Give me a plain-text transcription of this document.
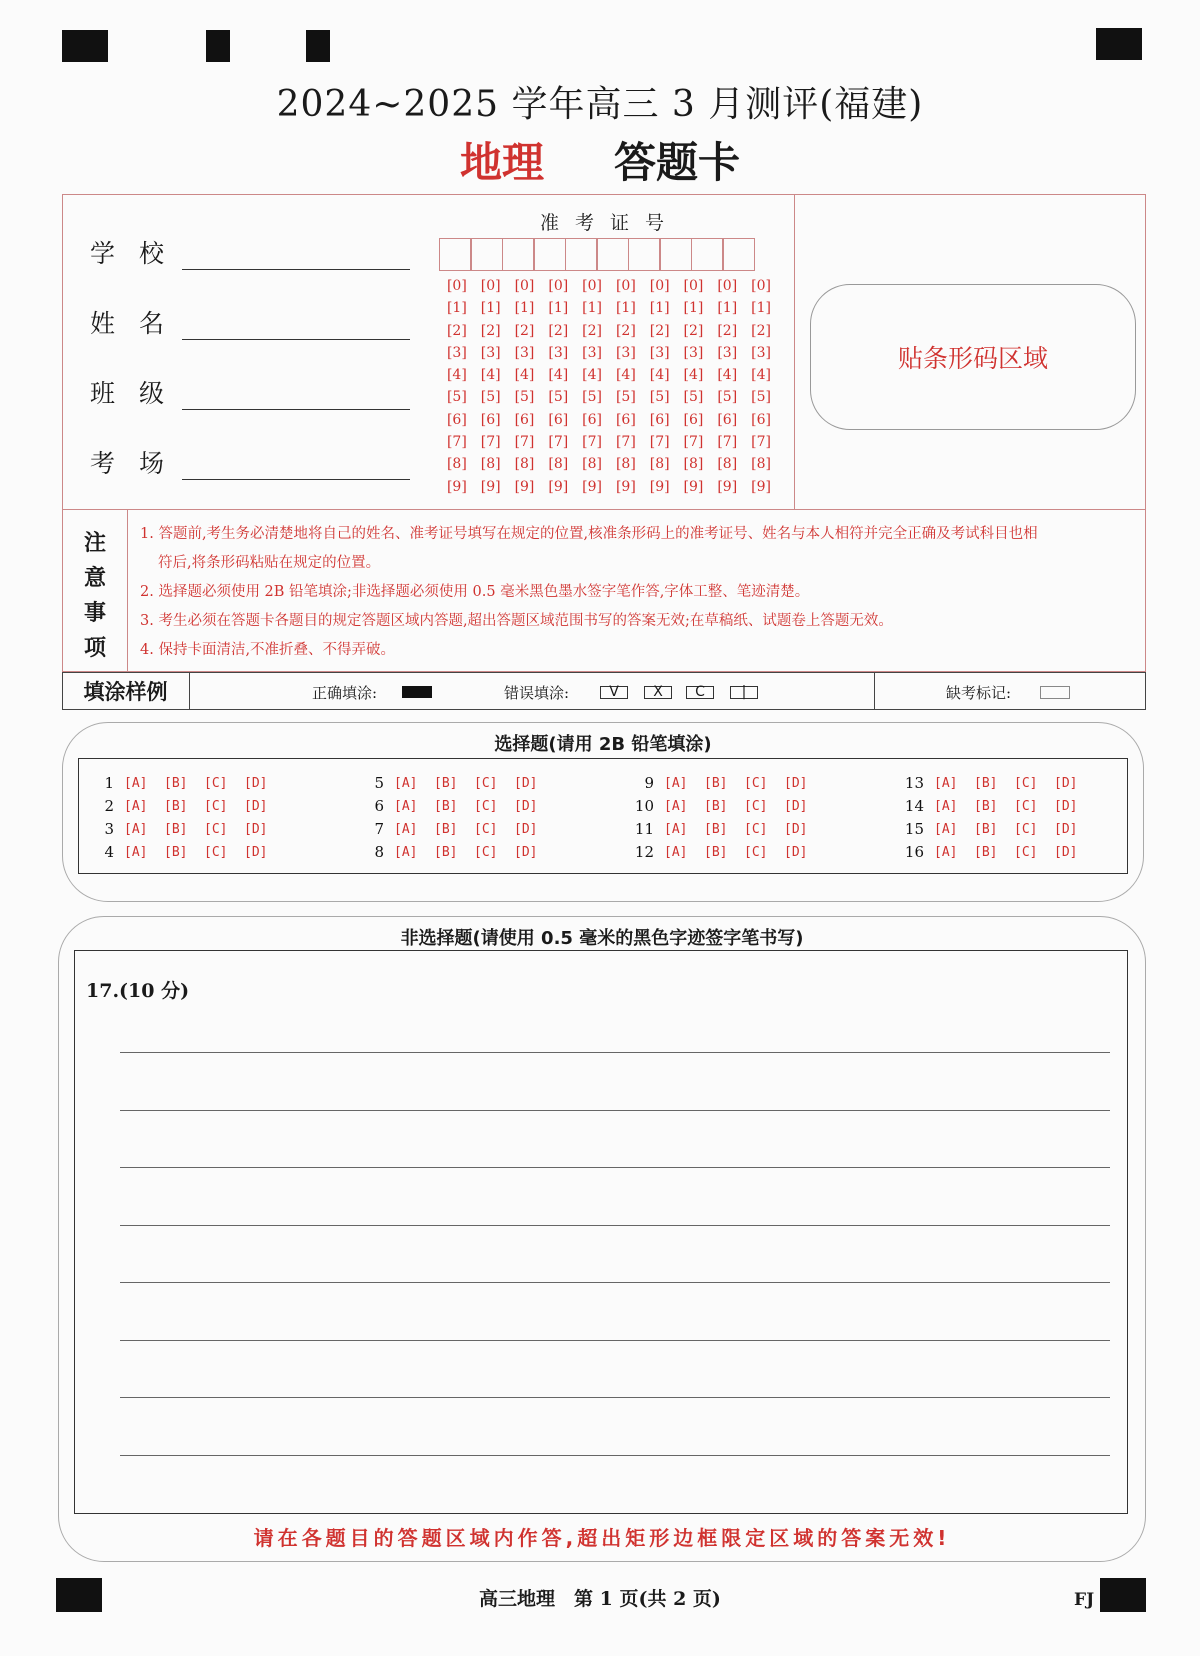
2024~2025 学年高三 3 月测评(福建)
地理 答题卡
学 校
姓 名
班 级
考 场
准考证号
[0] [0] [0] [0] [0] [0] [0] [0] [0] [0]
[1] [1] [1] [1] [1] [1] [1] [1] [1] [1]
[2] [2] [2] [2] [2] [2] [2] [2] [2] [2]
[3] [3] [3] [3] [3] [3] [3] [3] [3] [3]
[4] [4] [4] [4] [4] [4] [4] [4] [4] [4]
[5] [5] [5] [5] [5] [5] [5] [5] [5] [5]
[6] [6] [6] [6] [6] [6] [6] [6] [6] [6]
[7] [7] [7] [7] [7] [7] [7] [7] [7] [7]
[8] [8] [8] [8] [8] [8] [8] [8] [8] [8]
[9] [9] [9] [9] [9] [9] [9] [9] [9] [9]
贴条形码区域
注意事项
1. 答题前,考生务必清楚地将自己的姓名、准考证号填写在规定的位置,核准条形码上的准考证号、姓名与本人相符并完全正确及考试科目也相
符后,将条形码粘贴在规定的位置。
2. 选择题必须使用 2B 铅笔填涂;非选择题必须使用 0.5 毫米黑色墨水签字笔作答,字体工整、笔迹清楚。
3. 考生必须在答题卡各题目的规定答题区域内答题,超出答题区域范围书写的答案无效;在草稿纸、试题卷上答题无效。
4. 保持卡面清洁,不准折叠、不得弄破。
填涂样例	正确填涂:	错误填涂:	V	X	C	|	缺考标记:
选择题(请用 2B 铅笔填涂)
1 [A]	[B]	[C]	[D]
2 [A]	[B]	[C]	[D]
3 [A]	[B]	[C]	[D]
4 [A]	[B]	[C]	[D]
5 [A]	[B]	[C]	[D]
6 [A]	[B]	[C]	[D]
7 [A]	[B]	[C]	[D]
8 [A]	[B]	[C]	[D]
9 [A]	[B]	[C]	[D]
10 [A]	[B]	[C]	[D]
11 [A]	[B]	[C]	[D]
12 [A]	[B]	[C]	[D]
13 [A]	[B]	[C]	[D]
14 [A]	[B]	[C]	[D]
15 [A]	[B]	[C]	[D]
16 [A]	[B]	[C]	[D]
非选择题(请使用 0.5 毫米的黑色字迹签字笔书写)
17.(10 分)
请在各题目的答题区域内作答,超出矩形边框限定区域的答案无效!
高三地理　第 1 页(共 2 页)	FJ
